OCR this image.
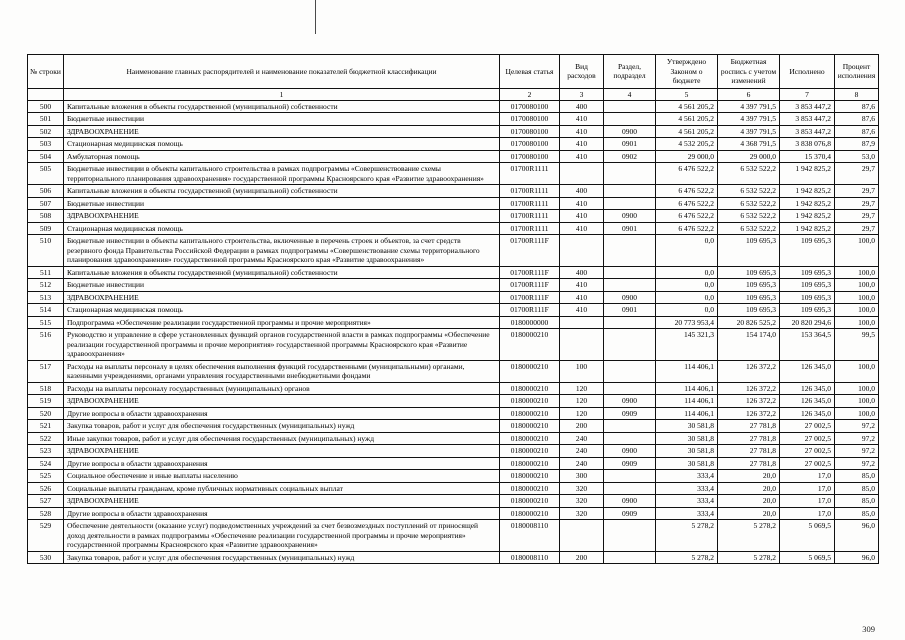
№ строки	Наименование главных распорядителей и наименование показателей бюджетной классификации	Целевая статья	Вид расходов	Раздел, подраздел	Утверждено Законом о бюджете	Бюджетная роспись с учетом изменений	Исполнено	Процент исполнения
	1	2	3	4	5	6	7	8
500	Капитальные вложения в объекты государственной (муниципальной) собственности	0170080100	400		4 561 205,2	4 397 791,5	3 853 447,2	87,6
501	Бюджетные инвестиции	0170080100	410		4 561 205,2	4 397 791,5	3 853 447,2	87,6
502	ЗДРАВООХРАНЕНИЕ	0170080100	410	0900	4 561 205,2	4 397 791,5	3 853 447,2	87,6
503	Стационарная медицинская помощь	0170080100	410	0901	4 532 205,2	4 368 791,5	3 838 076,8	87,9
504	Амбулаторная помощь	0170080100	410	0902	29 000,0	29 000,0	15 370,4	53,0
505	Бюджетные инвестиции в объекты капитального строительства в рамках подпрограммы «Совершенствование схемы территориального планирования здравоохранения» государственной программы Красноярского края «Развитие здравоохранения»	01700R1111			6 476 522,2	6 532 522,2	1 942 825,2	29,7
506	Капитальные вложения в объекты государственной (муниципальной) собственности	01700R1111	400		6 476 522,2	6 532 522,2	1 942 825,2	29,7
507	Бюджетные инвестиции	01700R1111	410		6 476 522,2	6 532 522,2	1 942 825,2	29,7
508	ЗДРАВООХРАНЕНИЕ	01700R1111	410	0900	6 476 522,2	6 532 522,2	1 942 825,2	29,7
509	Стационарная медицинская помощь	01700R1111	410	0901	6 476 522,2	6 532 522,2	1 942 825,2	29,7
510	Бюджетные инвестиции в объекты капитального строительства, включенные в перечень строек и объектов, за счет средств резервного фонда Правительства Российской Федерации в рамках подпрограммы «Совершенствование схемы территориального планирования здравоохранения» государственной программы Красноярского края «Развитие здравоохранения»	01700R111F			0,0	109 695,3	109 695,3	100,0
511	Капитальные вложения в объекты государственной (муниципальной) собственности	01700R111F	400		0,0	109 695,3	109 695,3	100,0
512	Бюджетные инвестиции	01700R111F	410		0,0	109 695,3	109 695,3	100,0
513	ЗДРАВООХРАНЕНИЕ	01700R111F	410	0900	0,0	109 695,3	109 695,3	100,0
514	Стационарная медицинская помощь	01700R111F	410	0901	0,0	109 695,3	109 695,3	100,0
515	Подпрограмма «Обеспечение реализации государственной программы и прочие мероприятия»	0180000000			20 773 953,4	20 826 525,2	20 820 294,6	100,0
516	Руководство и управление в сфере установленных функций органов государственной власти в рамках подпрограммы «Обеспечение реализации государственной программы и прочие мероприятия» государственной программы Красноярского края «Развитие здравоохранения»	0180000210			145 321,3	154 174,0	153 364,5	99,5
517	Расходы на выплаты персоналу в целях обеспечения выполнения функций государственными (муниципальными) органами, казенными учреждениями, органами управления государственными внебюджетными фондами	0180000210	100		114 406,1	126 372,2	126 345,0	100,0
518	Расходы на выплаты персоналу государственных (муниципальных) органов	0180000210	120		114 406,1	126 372,2	126 345,0	100,0
519	ЗДРАВООХРАНЕНИЕ	0180000210	120	0900	114 406,1	126 372,2	126 345,0	100,0
520	Другие вопросы в области здравоохранения	0180000210	120	0909	114 406,1	126 372,2	126 345,0	100,0
521	Закупка товаров, работ и услуг для обеспечения государственных (муниципальных) нужд	0180000210	200		30 581,8	27 781,8	27 002,5	97,2
522	Иные закупки товаров, работ и услуг для обеспечения государственных (муниципальных) нужд	0180000210	240		30 581,8	27 781,8	27 002,5	97,2
523	ЗДРАВООХРАНЕНИЕ	0180000210	240	0900	30 581,8	27 781,8	27 002,5	97,2
524	Другие вопросы в области здравоохранения	0180000210	240	0909	30 581,8	27 781,8	27 002,5	97,2
525	Социальное обеспечение и иные выплаты населению	0180000210	300		333,4	20,0	17,0	85,0
526	Социальные выплаты гражданам, кроме публичных нормативных социальных выплат	0180000210	320		333,4	20,0	17,0	85,0
527	ЗДРАВООХРАНЕНИЕ	0180000210	320	0900	333,4	20,0	17,0	85,0
528	Другие вопросы в области здравоохранения	0180000210	320	0909	333,4	20,0	17,0	85,0
529	Обеспечение деятельности (оказание услуг) подведомственных учреждений за счет безвозмездных поступлений от приносящей доход деятельности в рамках подпрограммы «Обеспечение реализации государственной программы и прочие мероприятия» государственной программы Красноярского края «Развитие здравоохранения»	0180008110			5 278,2	5 278,2	5 069,5	96,0
530	Закупка товаров, работ и услуг для обеспечения государственных (муниципальных) нужд	0180008110	200		5 278,2	5 278,2	5 069,5	96,0
309
